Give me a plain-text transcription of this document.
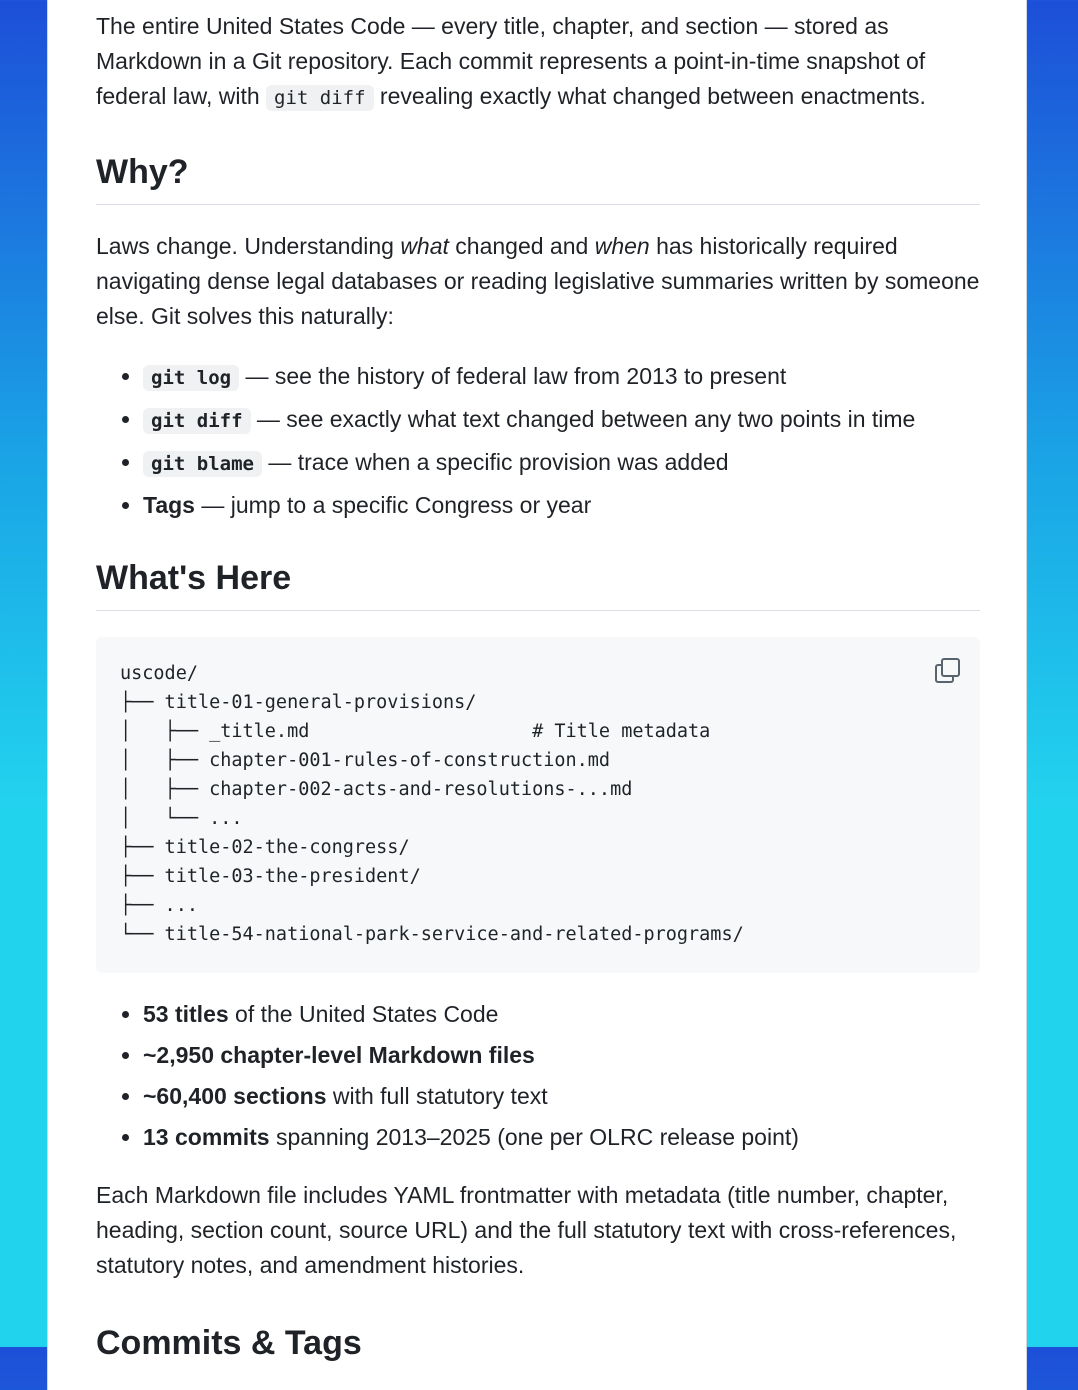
The entire United States Code — every title, chapter, and section — stored as Markdown in a Git repository. Each commit represents a point-in-time snapshot of federal law, with git diff revealing exactly what changed between enactments.

Why?

Laws change. Understanding what changed and when has historically required navigating dense legal databases or reading legislative summaries written by someone else. Git solves this naturally:

• git log — see the history of federal law from 2013 to present
• git diff — see exactly what text changed between any two points in time
• git blame — trace when a specific provision was added
• Tags — jump to a specific Congress or year
What's Here
uscode/
├── title-01-general-provisions/
│   ├── _title.md                    # Title metadata
│   ├── chapter-001-rules-of-construction.md
│   ├── chapter-002-acts-and-resolutions-...md
│   └── ...
├── title-02-the-congress/
├── title-03-the-president/
├── ...
└── title-54-national-park-service-and-related-programs/
• 53 titles of the United States Code
• ~2,950 chapter-level Markdown files
• ~60,400 sections with full statutory text
• 13 commits spanning 2013–2025 (one per OLRC release point)

Each Markdown file includes YAML frontmatter with metadata (title number, chapter, heading, section count, source URL) and the full statutory text with cross-references, statutory notes, and amendment histories.

Commits & Tags
